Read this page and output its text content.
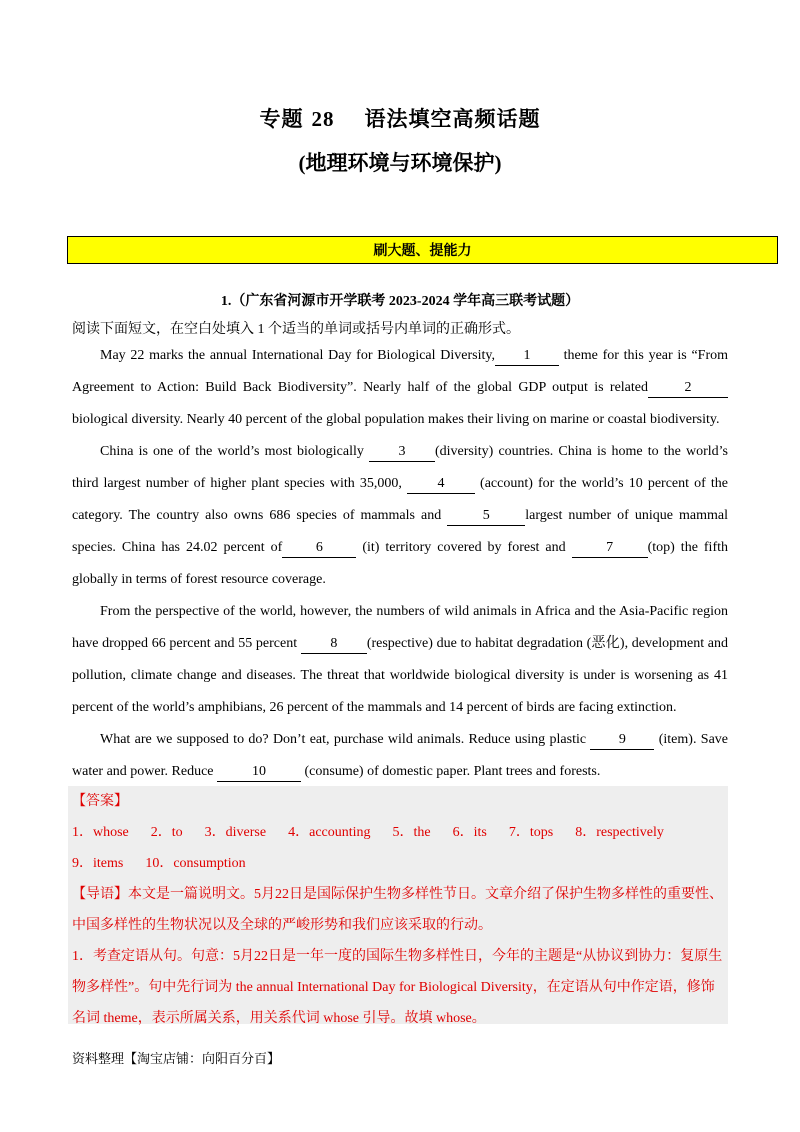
专题 28 语法填空高频话题
(地理环境与环境保护)
刷大题、提能力
1.（广东省河源市开学联考 2023-2024 学年高三联考试题）
阅读下面短文，在空白处填入 1 个适当的单词或括号内单词的正确形式。

May 22 marks the annual International Day for Biological Diversity, 1 theme for this year is “From Agreement to Action: Build Back Biodiversity”. Nearly half of the global GDP output is related	2 biological diversity. Nearly 40 percent of the global population makes their living on marine or coastal biodiversity.

China is one of the world’s most biologically 3 (diversity) countries. China is home to the world’s third largest number of higher plant species with 35,000, 4 (account) for the world’s 10 percent of the category. The country also owns 686 species of mammals and	5	largest number of unique mammal species. China has 24.02 percent of 6 (it) territory covered by forest and 7 (top) the fifth globally in terms of forest resource coverage.

From the perspective of the world, however, the numbers of wild animals in Africa and the Asia-Pacific region have dropped 66 percent and 55 percent 8 (respective) due to habitat degradation (恶化), development and pollution, climate change and diseases. The threat that worldwide biological diversity is under is worsening as 41 percent of the world’s amphibians, 26 percent of the mammals and 14 percent of birds are facing extinction.

What are we supposed to do? Don’t eat, purchase wild animals. Reduce using plastic 9 (item). Save water and power. Reduce	10	(consume) of domestic paper. Plant trees and forests.

【答案】
1．whose 2．to 3．diverse 4．accounting 5．the 6．its 7．tops 8．respectively
9．items 10．consumption
【导语】本文是一篇说明文。5月22日是国际保护生物多样性节日。文章介绍了保护生物多样性的重要性、中国多样性的生物状况以及全球的严峻形势和我们应该采取的行动。
1．考查定语从句。句意：5月22日是一年一度的国际生物多样性日，今年的主题是“从协议到协力：复原生物多样性”。句中先行词为 the annual International Day for Biological Diversity，在定语从句中作定语，修饰名词 theme，表示所属关系，用关系代词 whose 引导。故填 whose。
资料整理【淘宝店铺：向阳百分百】
